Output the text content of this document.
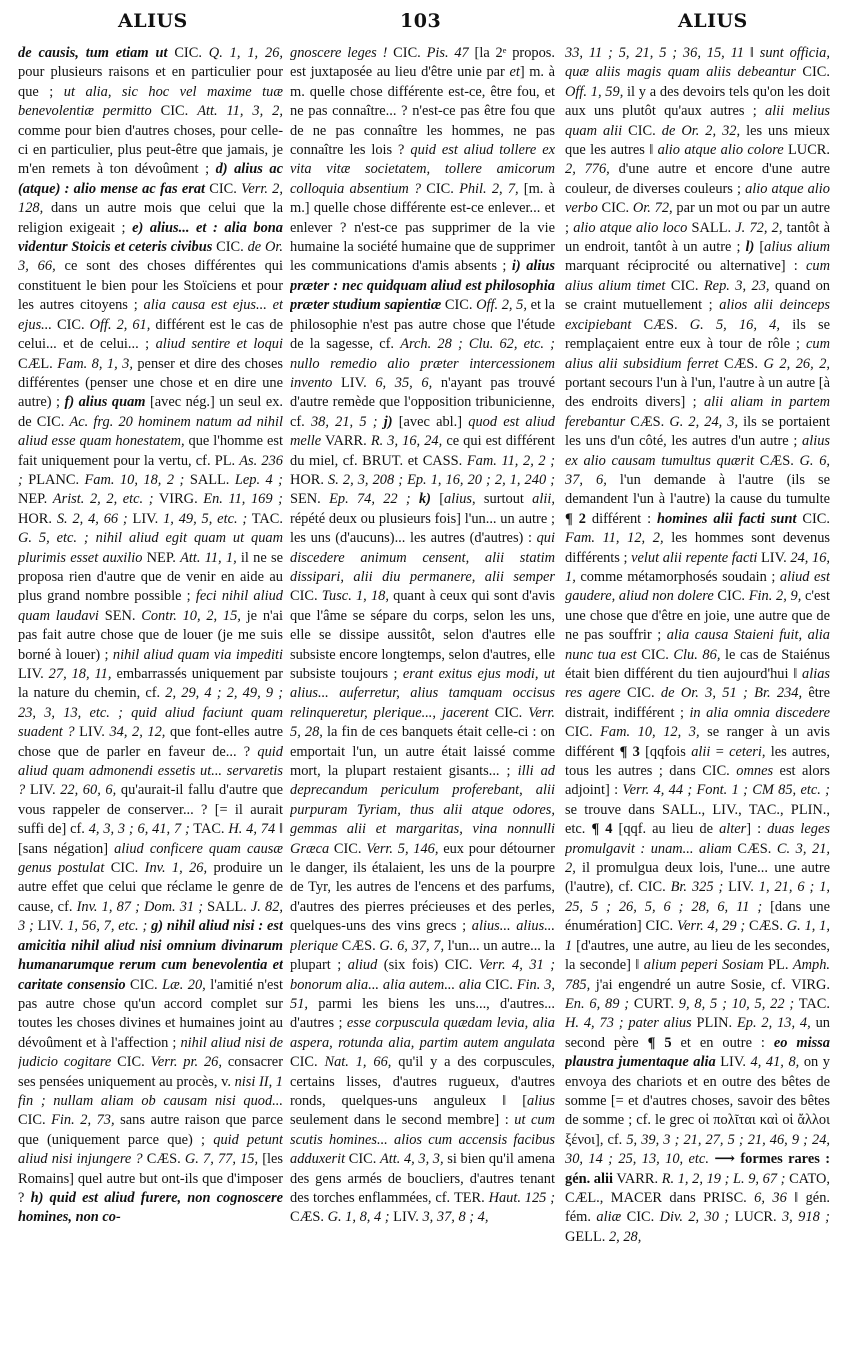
ALIUS	103	ALIUS

de causis, tum etiam ut CIC. Q. 1, 1, 26, pour plusieurs raisons et en particulier pour que ; ut alia, sic hoc vel maxime tuæ benevolentiæ permitto CIC. Att. 11, 3, 2, comme pour bien d'autres choses, pour celle-ci en particulier, plus peut-être que jamais, je m'en remets à ton dévoûment ; d) alius ac (atque) : alio mense ac fas erat CIC. Verr. 2, 128, dans un autre mois que celui que la religion exigeait ; e) alius... et : alia bona videntur Stoicis et ceteris civibus CIC. de Or. 3, 66, ce sont des choses différentes qui constituent le bien pour les Stoïciens et pour les autres citoyens ; alia causa est ejus... et ejus... CIC. Off. 2, 61, différent est le cas de celui... et de celui... ; aliud sentire et loqui CÆL. Fam. 8, 1, 3, penser et dire des choses différentes (penser une chose et en dire une autre) ; f) alius quam [avec nég.] un seul ex. de CIC. Ac. frg. 20 hominem natum ad nihil aliud esse quam honestatem, que l'homme est fait uniquement pour la vertu, cf. PL. As. 236 ; PLANC. Fam. 10, 18, 2 ; SALL. Lep. 4 ; NEP. Arist. 2, 2, etc. ; VIRG. En. 11, 169 ; HOR. S. 2, 4, 66 ; LIV. 1, 49, 5, etc. ; TAC. G. 5, etc. ; nihil aliud egit quam ut quam plurimis esset auxilio NEP. Att. 11, 1, il ne se proposa rien d'autre que de venir en aide au plus grand nombre possible ; feci nihil aliud quam laudavi SEN. Contr. 10, 2, 15, je n'ai pas fait autre chose que de louer (je me suis borné à louer) ; nihil aliud quam via impediti LIV. 27, 18, 11, embarrassés uniquement par la nature du chemin, cf. 2, 29, 4 ; 2, 49, 9 ; 23, 3, 13, etc. ; quid aliud faciunt quam suadent ? LIV. 34, 2, 12, que font-elles autre chose que de parler en faveur de... ? quid aliud quam admonendi essetis ut... servaretis ? LIV. 22, 60, 6, qu'aurait-il fallu d'autre que vous rappeler de conserver... ? [= il aurait suffi de] cf. 4, 3, 3 ; 6, 41, 7 ; TAC. H. 4, 74 ‖ [sans négation] aliud conficere quam causæ genus postulat CIC. Inv. 1, 26, produire un autre effet que celui que réclame le genre de cause, cf. Inv. 1, 87 ; Dom. 31 ; SALL. J. 82, 3 ; LIV. 1, 56, 7, etc. ; g) nihil aliud nisi : est amicitia nihil aliud nisi omnium divinarum humanarumque rerum cum benevolentia et caritate consensio CIC. Læ. 20, l'amitié n'est pas autre chose qu'un accord complet sur toutes les choses divines et humaines joint au dévoûment et à l'affection ; nihil aliud nisi de judicio cogitare CIC. Verr. pr. 26, consacrer ses pensées uniquement au procès, v. nisi II, 1 fin ; nullam aliam ob causam nisi quod... CIC. Fin. 2, 73, sans autre raison que parce que (uniquement parce que) ; quid petunt aliud nisi injungere ? CÆS. G. 7, 77, 15, [les Romains] quel autre but ont-ils que d'imposer ? h) quid est aliud furere, non cognoscere homines, non co-

gnoscere leges ! CIC. Pis. 47 [la 2ᵉ propos. est juxtaposée au lieu d'être unie par et] m. à m. quelle chose différente est-ce, être fou, et ne pas connaître... ? n'est-ce pas être fou que de ne pas connaître les hommes, ne pas connaître les lois ? quid est aliud tollere ex vita vitæ societatem, tollere amicorum colloquia absentium ? CIC. Phil. 2, 7, [m. à m.] quelle chose différente est-ce enlever... et enlever ? n'est-ce pas supprimer de la vie humaine la société humaine que de supprimer les communications d'amis absents ; i) alius præter : nec quidquam aliud est philosophia præter studium sapientiæ CIC. Off. 2, 5, et la philosophie n'est pas autre chose que l'étude de la sagesse, cf. Arch. 28 ; Clu. 62, etc. ; nullo remedio alio præter intercessionem invento LIV. 6, 35, 6, n'ayant pas trouvé d'autre remède que l'opposition tribunicienne, cf. 38, 21, 5 ; j) [avec abl.] quod est aliud melle VARR. R. 3, 16, 24, ce qui est différent du miel, cf. BRUT. et CASS. Fam. 11, 2, 2 ; HOR. S. 2, 3, 208 ; Ep. 1, 16, 20 ; 2, 1, 240 ; SEN. Ep. 74, 22 ; k) [alius, surtout alii, répété deux ou plusieurs fois] l'un... un autre ; les uns (d'aucuns)... les autres (d'autres) : qui discedere animum censent, alii statim dissipari, alii diu permanere, alii semper CIC. Tusc. 1, 18, quant à ceux qui sont d'avis que l'âme se sépare du corps, selon les uns, elle se dissipe aussitôt, selon d'autres elle subsiste encore longtemps, selon d'autres, elle subsiste toujours ; erant exitus ejus modi, ut alius... auferretur, alius tamquam occisus relinqueretur, plerique..., jacerent CIC. Verr. 5, 28, la fin de ces banquets était celle-ci : on emportait l'un, un autre était laissé comme mort, la plupart restaient gisants... ; illi ad deprecandum periculum proferebant, alii purpuram Tyriam, thus alii atque odores, gemmas alii et margaritas, vina nonnulli Græca CIC. Verr. 5, 146, eux pour détourner le danger, ils étalaient, les uns de la pourpre de Tyr, les autres de l'encens et des parfums, d'autres des pierres précieuses et des perles, quelques-uns des vins grecs ; alius... alius... plerique CÆS. G. 6, 37, 7, l'un... un autre... la plupart ; aliud (six fois) CIC. Verr. 4, 31 ; bonorum alia... alia autem... alia CIC. Fin. 3, 51, parmi les biens les uns..., d'autres... d'autres ; esse corpuscula quædam levia, alia aspera, rotunda alia, partim autem angulata CIC. Nat. 1, 66, qu'il y a des corpuscules, certains lisses, d'autres rugueux, d'autres ronds, quelques-uns anguleux ‖ [alius seulement dans le second membre] : ut cum scutis homines... alios cum accensis facibus adduxerit CIC. Att. 4, 3, 3, si bien qu'il amena des gens armés de boucliers, d'autres tenant des torches enflammées, cf. TER. Haut. 125 ; CÆS. G. 1, 8, 4 ; LIV. 3, 37, 8 ; 4,

33, 11 ; 5, 21, 5 ; 36, 15, 11 ‖ sunt officia, quæ aliis magis quam aliis debeantur CIC. Off. 1, 59, il y a des devoirs tels qu'on les doit aux uns plutôt qu'aux autres ; alii melius quam alii CIC. de Or. 2, 32, les uns mieux que les autres ‖ alio atque alio colore LUCR. 2, 776, d'une autre et encore d'une autre couleur, de diverses couleurs ; alio atque alio verbo CIC. Or. 72, par un mot ou par un autre ; alio atque alio loco SALL. J. 72, 2, tantôt à un endroit, tantôt à un autre ; l) [alius alium marquant réciprocité ou alternative] : cum alius alium timet CIC. Rep. 3, 23, quand on se craint mutuellement ; alios alii deinceps excipiebant CÆS. G. 5, 16, 4, ils se remplaçaient entre eux à tour de rôle ; cum alius alii subsidium ferret CÆS. G 2, 26, 2, portant secours l'un à l'un, l'autre à un autre [à des endroits divers] ; alii aliam in partem ferebantur CÆS. G. 2, 24, 3, ils se portaient les uns d'un côté, les autres d'un autre ; alius ex alio causam tumultus quærit CÆS. G. 6, 37, 6, l'un demande à l'autre (ils se demandent l'un à l'autre) la cause du tumulte ¶ 2 différent : homines alii facti sunt CIC. Fam. 11, 12, 2, les hommes sont devenus différents ; velut alii repente facti LIV. 24, 16, 1, comme métamorphosés soudain ; aliud est gaudere, aliud non dolere CIC. Fin. 2, 9, c'est une chose que d'être en joie, une autre que de ne pas souffrir ; alia causa Staieni fuit, alia nunc tua est CIC. Clu. 86, le cas de Staiénus était bien différent du tien aujourd'hui ‖ alias res agere CIC. de Or. 3, 51 ; Br. 234, être distrait, indifférent ; in alia omnia discedere CIC. Fam. 10, 12, 3, se ranger à un avis différent ¶ 3 [qqfois alii = ceteri, les autres, tous les autres ; dans CIC. omnes est alors adjoint] : Verr. 4, 44 ; Font. 1 ; CM 85, etc. ; se trouve dans SALL., LIV., TAC., PLIN., etc. ¶ 4 [qqf. au lieu de alter] : duas leges promulgavit : unam... aliam CÆS. C. 3, 21, 2, il promulgua deux lois, l'une... une autre (l'autre), cf. CIC. Br. 325 ; LIV. 1, 21, 6 ; 1, 25, 5 ; 26, 5, 6 ; 28, 6, 11 ; [dans une énumération] CIC. Verr. 4, 29 ; CÆS. G. 1, 1, 1 [d'autres, une autre, au lieu de les secondes, la seconde] ‖ alium peperi Sosiam PL. Amph. 785, j'ai engendré un autre Sosie, cf. VIRG. En. 6, 89 ; CURT. 9, 8, 5 ; 10, 5, 22 ; TAC. H. 4, 73 ; pater alius PLIN. Ep. 2, 13, 4, un second père ¶ 5 et en outre : eo missa plaustra jumentaque alia LIV. 4, 41, 8, on y envoya des chariots et en outre des bêtes de somme [= et d'autres choses, savoir des bêtes de somme ; cf. le grec οἱ πολῖται καὶ οἱ ἄλλοι ξένοι], cf. 5, 39, 3 ; 21, 27, 5 ; 21, 46, 9 ; 24, 30, 14 ; 25, 13, 10, etc. ⟶ formes rares : gén. alii VARR. R. 1, 2, 19 ; L. 9, 67 ; CATO, CÆL., MACER dans PRISC. 6, 36 ‖ gén. fém. aliæ CIC. Div. 2, 30 ; LUCR. 3, 918 ; GELL. 2, 28,
